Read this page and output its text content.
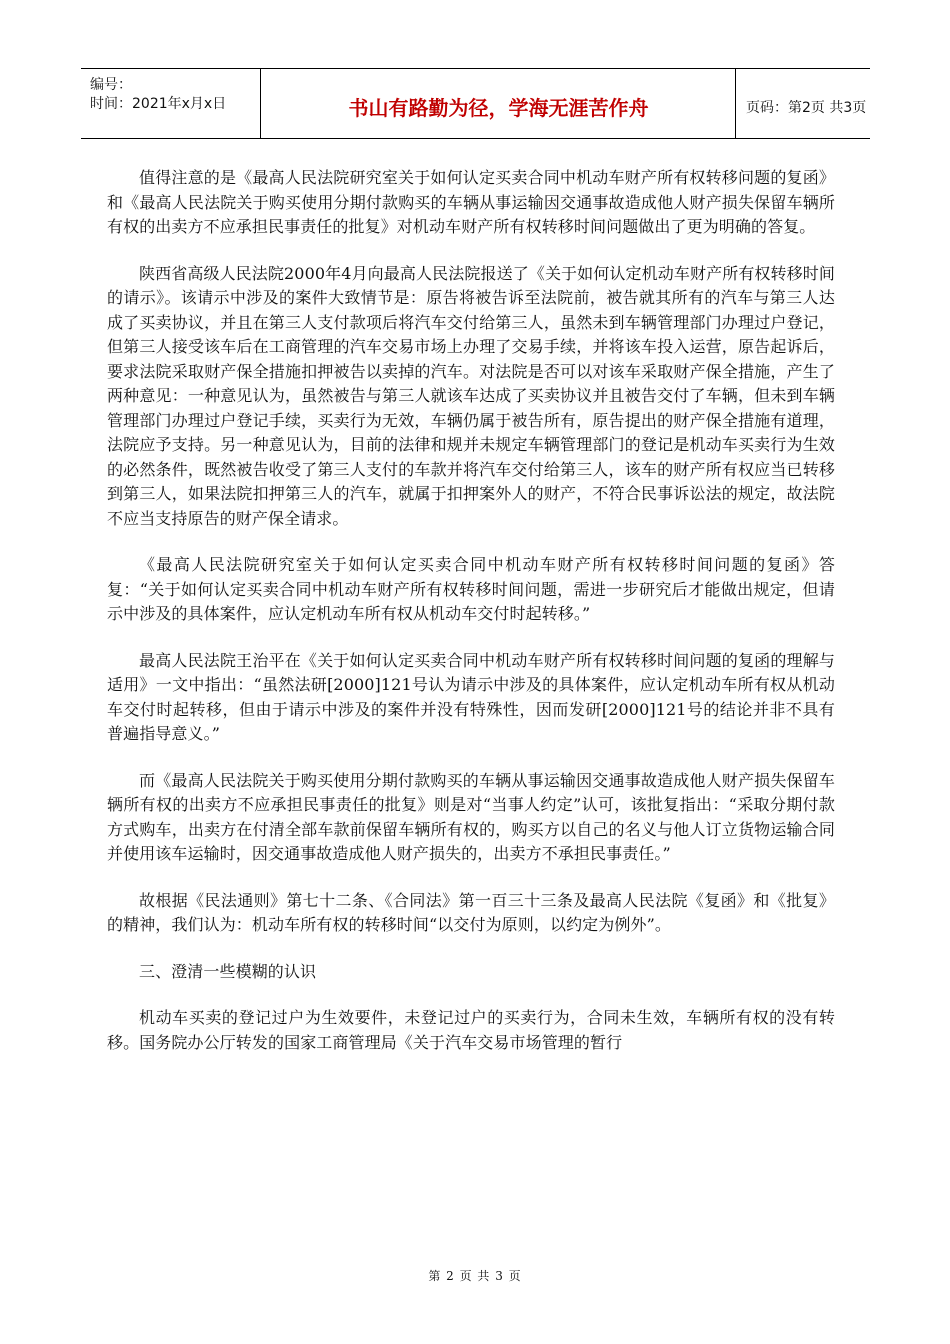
编号：
时间：2021年x月x日	书山有路勤为径，学海无涯苦作舟	页码：第2页 共3页

值得注意的是《最高人民法院研究室关于如何认定买卖合同中机动车财产所有权转移问题的复函》和《最高人民法院关于购买使用分期付款购买的车辆从事运输因交通事故造成他人财产损失保留车辆所有权的出卖方不应承担民事责任的批复》对机动车财产所有权转移时间问题做出了更为明确的答复。

陕西省高级人民法院2000年4月向最高人民法院报送了《关于如何认定机动车财产所有权转移时间的请示》。该请示中涉及的案件大致情节是：原告将被告诉至法院前，被告就其所有的汽车与第三人达成了买卖协议，并且在第三人支付款项后将汽车交付给第三人，虽然未到车辆管理部门办理过户登记，但第三人接受该车后在工商管理的汽车交易市场上办理了交易手续，并将该车投入运营，原告起诉后，要求法院采取财产保全措施扣押被告以卖掉的汽车。对法院是否可以对该车采取财产保全措施，产生了两种意见：一种意见认为，虽然被告与第三人就该车达成了买卖协议并且被告交付了车辆，但未到车辆管理部门办理过户登记手续，买卖行为无效，车辆仍属于被告所有，原告提出的财产保全措施有道理，法院应予支持。另一种意见认为，目前的法律和规并未规定车辆管理部门的登记是机动车买卖行为生效的必然条件，既然被告收受了第三人支付的车款并将汽车交付给第三人，该车的财产所有权应当已转移到第三人，如果法院扣押第三人的汽车，就属于扣押案外人的财产，不符合民事诉讼法的规定，故法院不应当支持原告的财产保全请求。

《最高人民法院研究室关于如何认定买卖合同中机动车财产所有权转移时间问题的复函》答复：“关于如何认定买卖合同中机动车财产所有权转移时间问题，需进一步研究后才能做出规定，但请示中涉及的具体案件，应认定机动车所有权从机动车交付时起转移。”

最高人民法院王治平在《关于如何认定买卖合同中机动车财产所有权转移时间问题的复函的理解与适用》一文中指出：“虽然法研[2000]121号认为请示中涉及的具体案件，应认定机动车所有权从机动车交付时起转移，但由于请示中涉及的案件并没有特殊性，因而发研[2000]121号的结论并非不具有普遍指导意义。”

而《最高人民法院关于购买使用分期付款购买的车辆从事运输因交通事故造成他人财产损失保留车辆所有权的出卖方不应承担民事责任的批复》则是对“当事人约定”认可，该批复指出：“采取分期付款方式购车，出卖方在付清全部车款前保留车辆所有权的，购买方以自己的名义与他人订立货物运输合同并使用该车运输时，因交通事故造成他人财产损失的，出卖方不承担民事责任。”

故根据《民法通则》第七十二条、《合同法》第一百三十三条及最高人民法院《复函》和《批复》的精神，我们认为：机动车所有权的转移时间“以交付为原则，以约定为例外”。

三、澄清一些模糊的认识

机动车买卖的登记过户为生效要件，未登记过户的买卖行为，合同未生效，车辆所有权的没有转移。国务院办公厅转发的国家工商管理局《关于汽车交易市场管理的暂行

第 2 页 共 3 页
